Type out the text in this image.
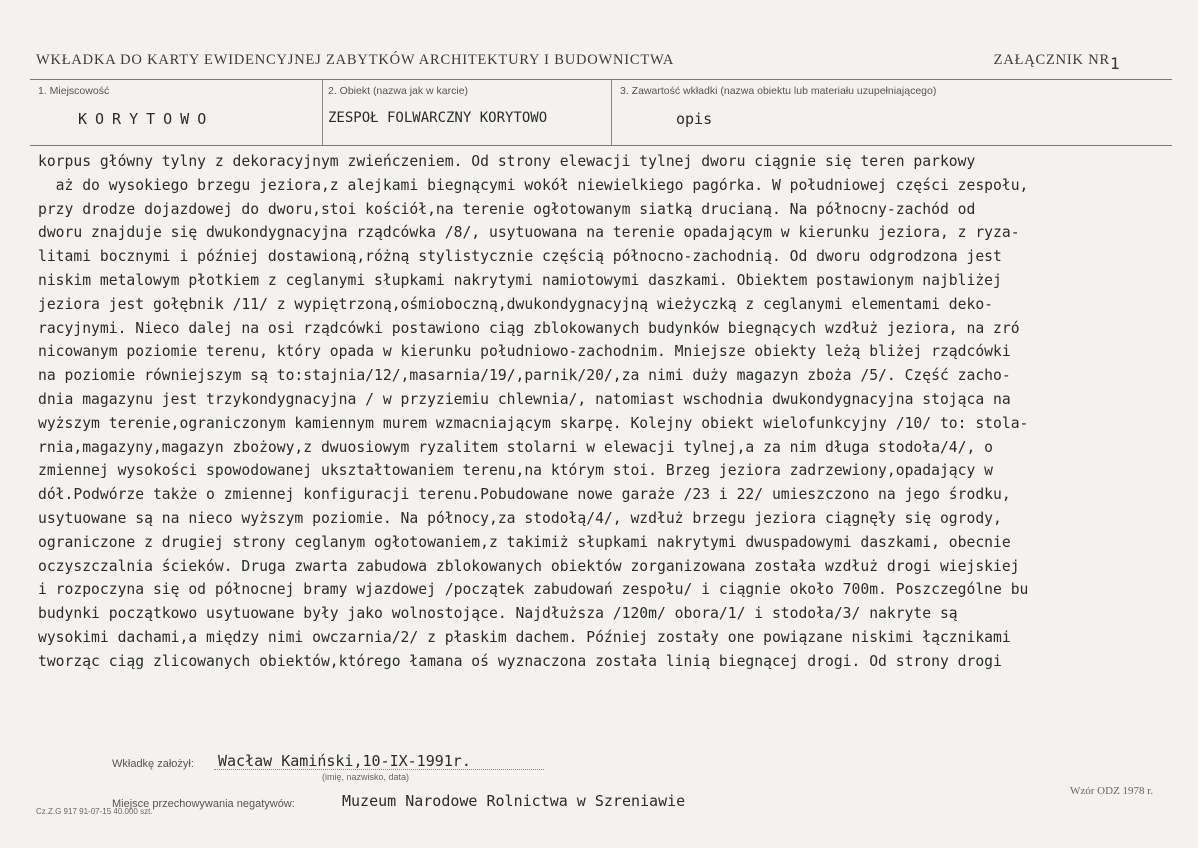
WKŁADKA DO KARTY EWIDENCYJNEJ ZABYTKÓW ARCHITEKTURY I BUDOWNICTWA	ZAŁĄCZNIK NR 1
1. Miejscowość
KORYTOWO
2. Obiekt (nazwa jak w karcie)
ZESPOŁ FOLWARCZNY KORYTOWO
3. Zawartość wkładki (nazwa obiektu lub materiału uzupełniającego)
opis
korpus główny tylny z dekoracyjnym zwieńczeniem. Od strony elewacji tylnej dworu ciągnie się teren parkowy
aż do wysokiego brzegu jeziora,z alejkami biegnącymi wokół niewielkiego pagórka. W południowej części zespołu,
przy drodze dojazdowej do dworu,stoi kościół,na terenie ogłotowanym siatką drucianą. Na północny-zachód od
dworu znajduje się dwukondygnacyjna rządcówka /8/, usytuowana na terenie opadającym w kierunku jeziora, z ryza-
litami bocznymi i później dostawioną,różną stylistycznie częścią północno-zachodnią. Od dworu odgrodzona jest
niskim metalowym płotkiem z ceglanymi słupkami nakrytymi namiotowymi daszkami. Obiektem postawionym najbliżej
jeziora jest gołębnik /11/ z wypiętrzoną,ośmioboczną,dwukondygnacyjną wieżyczką z ceglanymi elementami deko-
racyjnymi. Nieco dalej na osi rządcówki postawiono ciąg zblokowanych budynków biegnących wzdłuż jeziora, na zró
nicowanym poziomie terenu, który opada w kierunku południowo-zachodnim. Mniejsze obiekty leżą bliżej rządcówki
na poziomie równiejszym są to:stajnia/12/,masarnia/19/,parnik/20/,za nimi duży magazyn zboża /5/. Część zacho-
dnia magazynu jest trzykondygnacyjna / w przyziemiu chlewnia/, natomiast wschodnia dwukondygnacyjna stojąca na
wyższym terenie,ograniczonym kamiennym murem wzmacniającym skarpę. Kolejny obiekt wielofunkcyjny /10/ to: stola-
rnia,magazyny,magazyn zbożowy,z dwuosiowym ryzalitem stolarni w elewacji tylnej,a za nim długa stodoła/4/, o
zmiennej wysokości spowodowanej ukształtowaniem terenu,na którym stoi. Brzeg jeziora zadrzewiony,opadający w
dół.Podwórze także o zmiennej konfiguracji terenu.Pobudowane nowe garaże /23 i 22/ umieszczono na jego środku,
usytuowane są na nieco wyższym poziomie. Na północy,za stodołą/4/, wzdłuż brzegu jeziora ciągnęły się ogrody,
ograniczone z drugiej strony ceglanym ogłotowaniem,z takimiż słupkami nakrytymi dwuspadowymi daszkami, obecnie
oczyszczalnia ścieków. Druga zwarta zabudowa zblokowanych obiektów zorganizowana została wzdłuż drogi wiejskiej
i rozpoczyna się od północnej bramy wjazdowej /początek zabudowań zespołu/ i ciągnie około 700m. Poszczególne bu
budynki początkowo usytuowane były jako wolnostojące. Najdłuższa /120m/ obora/1/ i stodoła/3/ nakryte są
wysokimi dachami,a między nimi owczarnia/2/ z płaskim dachem. Później zostały one powiązane niskimi łącznikami
tworząc ciąg zlicowanych obiektów,którego łamana oś wyznaczona została linią biegnącej drogi. Od strony drogi
Wkładkę założył: Wacław Kamiński,10-IX-1991r.
(imię, nazwisko, data)
Miejsce przechowywania negatywów:	Muzeum Narodowe Rolnictwa w Szreniawie
Cz.Z.G 917 91-07-15 40.000 szt.
Wzór ODZ 1978 r.
